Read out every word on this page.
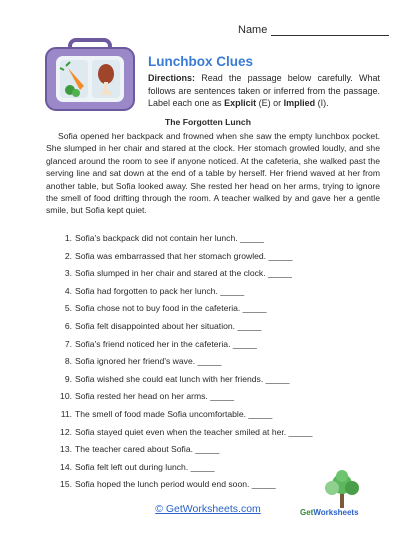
Name
Lunchbox Clues
Directions: Read the passage below carefully. What follows are sentences taken or inferred from the passage. Label each one as Explicit (E) or Implied (I).
The Forgotten Lunch

Sofia opened her backpack and frowned when she saw the empty lunchbox pocket. She slumped in her chair and stared at the clock. Her stomach growled loudly, and she glanced around the room to see if anyone noticed. At the cafeteria, she walked past the serving line and sat down at the end of a table by herself. Her friend waved at her from another table, but Sofia looked away. She rested her head on her arms, trying to ignore the smell of food drifting through the room. A teacher walked by and gave her a gentle smile, but Sofia kept quiet.

1. Sofia's backpack did not contain her lunch. _____
2. Sofia was embarrassed that her stomach growled. _____
3. Sofia slumped in her chair and stared at the clock. _____
4. Sofia had forgotten to pack her lunch. _____
5. Sofia chose not to buy food in the cafeteria. _____
6. Sofia felt disappointed about her situation. _____
7. Sofia's friend noticed her in the cafeteria. _____
8. Sofia ignored her friend's wave. _____
9. Sofia wished she could eat lunch with her friends. _____
10. Sofia rested her head on her arms. _____
11. The smell of food made Sofia uncomfortable. _____
12. Sofia stayed quiet even when the teacher smiled at her. _____
13. The teacher cared about Sofia. _____
14. Sofia felt left out during lunch. _____
15. Sofia hoped the lunch period would end soon. _____
© GetWorksheets.com	GetWorksheets
